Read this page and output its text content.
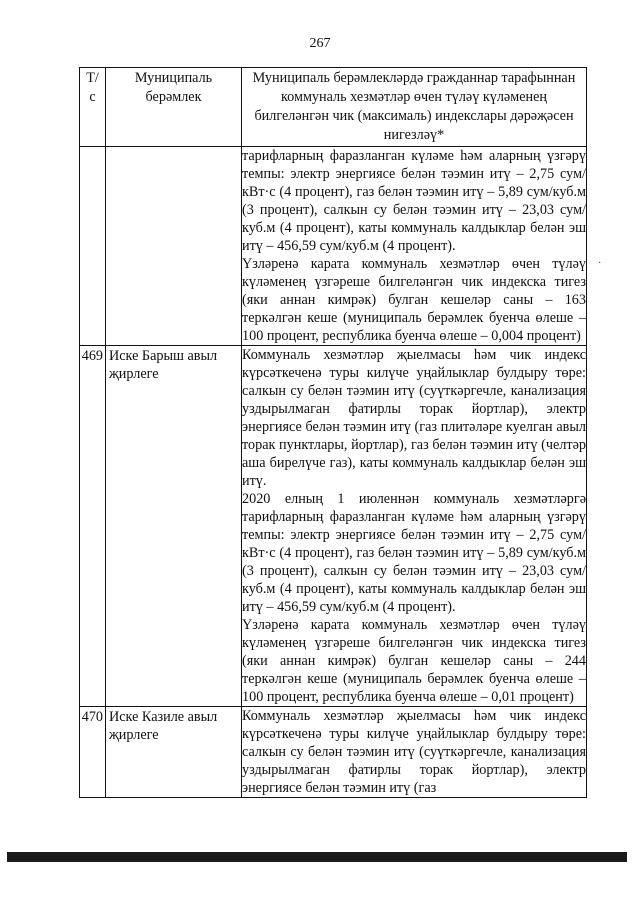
267
Т/с	Муниципаль берәмлек	Муниципаль берәмлекләрдә гражданнар тарафыннан коммуналь хезмәтләр өчен түләү күләменең билгеләнгән чик (максималь) индекслары дәрәҗәсен нигезләү*

		тарифларның фаразланган күләме һәм аларның үзгәрү темпы: электр энергиясе белән тәэмин итү – 2,75 сум/кВт·с (4 процент), газ белән тәэмин итү – 5,89 сум/куб.м (3 процент), салкын су белән тәэмин итү – 23,03 сум/куб.м (4 процент), каты коммуналь калдыклар белән эш итү – 456,59 сум/куб.м (4 процент).

Үзләренә карата коммуналь хезмәтләр өчен түләү күләменең үзгәреше билгеләнгән чик индекска тигез (яки аннан кимрәк) булган кешеләр саны – 163 теркәлгән кеше (муниципаль берәмлек буенча өлеше – 100 процент, республика буенча өлеше – 0,004 процент)

469	Иске Барыш авыл җирлеге	Коммуналь хезмәтләр җыелмасы һәм чик индекс күрсәткеченә туры килүче уңайлыклар булдыру төре: салкын су белән тәэмин итү (суүткәргечле, канализация уздырылмаган фатирлы торак йортлар), электр энергиясе белән тәэмин итү (газ плитәләре куелган авыл торак пунктлары, йортлар), газ белән тәэмин итү (челтәр аша бирелүче газ), каты коммуналь калдыклар белән эш итү.

2020 елның 1 июленнән коммуналь хезмәтләргә тарифларның фаразланган күләме һәм аларның үзгәрү темпы: электр энергиясе белән тәэмин итү – 2,75 сум/кВт·с (4 процент), газ белән тәэмин итү – 5,89 сум/куб.м (3 процент), салкын су белән тәэмин итү – 23,03 сум/куб.м (4 процент), каты коммуналь калдыклар белән эш итү – 456,59 сум/куб.м (4 процент).

Үзләренә карата коммуналь хезмәтләр өчен түләү күләменең үзгәреше билгеләнгән чик индекска тигез (яки аннан кимрәк) булган кешеләр саны – 244 теркәлгән кеше (муниципаль берәмлек буенча өлеше – 100 процент, республика буенча өлеше – 0,01 процент)

470	Иске Казиле авыл җирлеге	Коммуналь хезмәтләр җыелмасы һәм чик индекс күрсәткеченә туры килүче уңайлыклар булдыру төре: салкын су белән тәэмин итү (суүткәргечле, канализация уздырылмаган фатирлы торак йортлар), электр энергиясе белән тәэмин итү (газ

·
